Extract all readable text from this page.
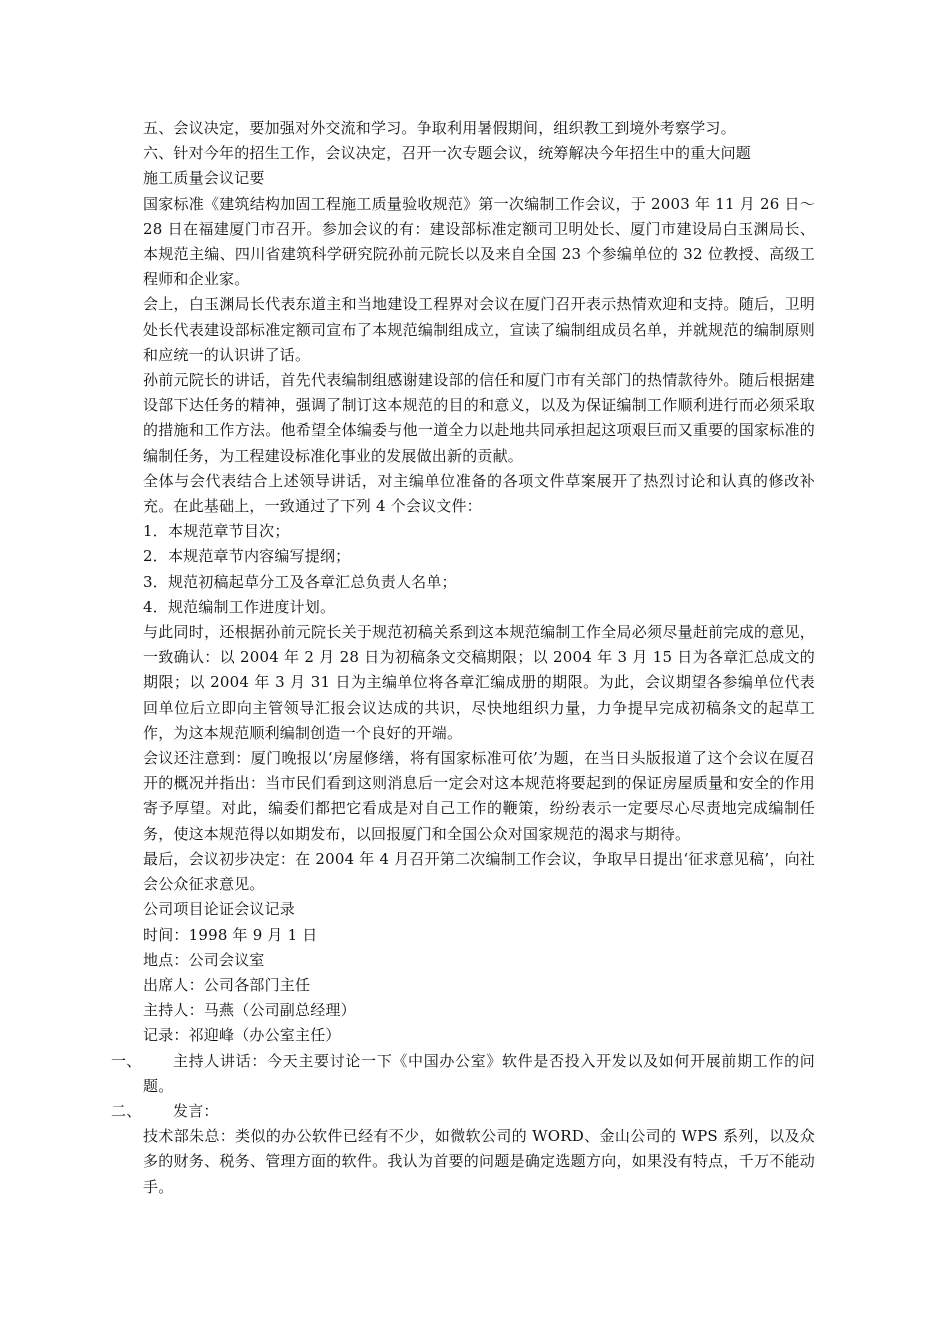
五、会议决定，要加强对外交流和学习。争取利用暑假期间，组织教工到境外考察学习。

六、针对今年的招生工作，会议决定，召开一次专题会议，统筹解决今年招生中的重大问题

施工质量会议记要

国家标准《建筑结构加固工程施工质量验收规范》第一次编制工作会议，于 2003 年 11 月 26 日～28 日在福建厦门市召开。参加会议的有：建设部标准定额司卫明处长、厦门市建设局白玉渊局长、本规范主编、四川省建筑科学研究院孙前元院长以及来自全国 23 个参编单位的 32 位教授、高级工程师和企业家。

会上，白玉渊局长代表东道主和当地建设工程界对会议在厦门召开表示热情欢迎和支持。随后，卫明处长代表建设部标准定额司宣布了本规范编制组成立，宣读了编制组成员名单，并就规范的编制原则和应统一的认识讲了话。

孙前元院长的讲话，首先代表编制组感谢建设部的信任和厦门市有关部门的热情款待外。随后根据建设部下达任务的精神，强调了制订这本规范的目的和意义，以及为保证编制工作顺利进行而必须采取的措施和工作方法。他希望全体编委与他一道全力以赴地共同承担起这项艰巨而又重要的国家标准的编制任务，为工程建设标准化事业的发展做出新的贡献。

全体与会代表结合上述领导讲话，对主编单位准备的各项文件草案展开了热烈讨论和认真的修改补充。在此基础上，一致通过了下列 4 个会议文件：

1．本规范章节目次；

2．本规范章节内容编写提纲；

3．规范初稿起草分工及各章汇总负责人名单；

4．规范编制工作进度计划。

与此同时，还根据孙前元院长关于规范初稿关系到这本规范编制工作全局必须尽量赶前完成的意见，一致确认：以 2004 年 2 月 28 日为初稿条文交稿期限；以 2004 年 3 月 15 日为各章汇总成文的期限；以 2004 年 3 月 31 日为主编单位将各章汇编成册的期限。为此，会议期望各参编单位代表回单位后立即向主管领导汇报会议达成的共识，尽快地组织力量，力争提早完成初稿条文的起草工作，为这本规范顺利编制创造一个良好的开端。

会议还注意到：厦门晚报以‘房屋修缮，将有国家标准可依’为题，在当日头版报道了这个会议在厦召开的概况并指出：当市民们看到这则消息后一定会对这本规范将要起到的保证房屋质量和安全的作用寄予厚望。对此，编委们都把它看成是对自己工作的鞭策，纷纷表示一定要尽心尽责地完成编制任务，使这本规范得以如期发布，以回报厦门和全国公众对国家规范的渴求与期待。

最后，会议初步决定：在 2004 年 4 月召开第二次编制工作会议，争取早日提出‘征求意见稿’，向社会公众征求意见。

公司项目论证会议记录

时间：1998 年 9 月 1 日

地点：公司会议室

出席人：公司各部门主任

主持人：马燕（公司副总经理）

记录：祁迎峰（办公室主任）

一、	主持人讲话：今天主要讨论一下《中国办公室》软件是否投入开发以及如何开展前期工作的问题。
二、	发言：

技术部朱总：类似的办公软件已经有不少，如微软公司的 WORD、金山公司的 WPS 系列，以及众多的财务、税务、管理方面的软件。我认为首要的问题是确定选题方向，如果没有特点，千万不能动手。
